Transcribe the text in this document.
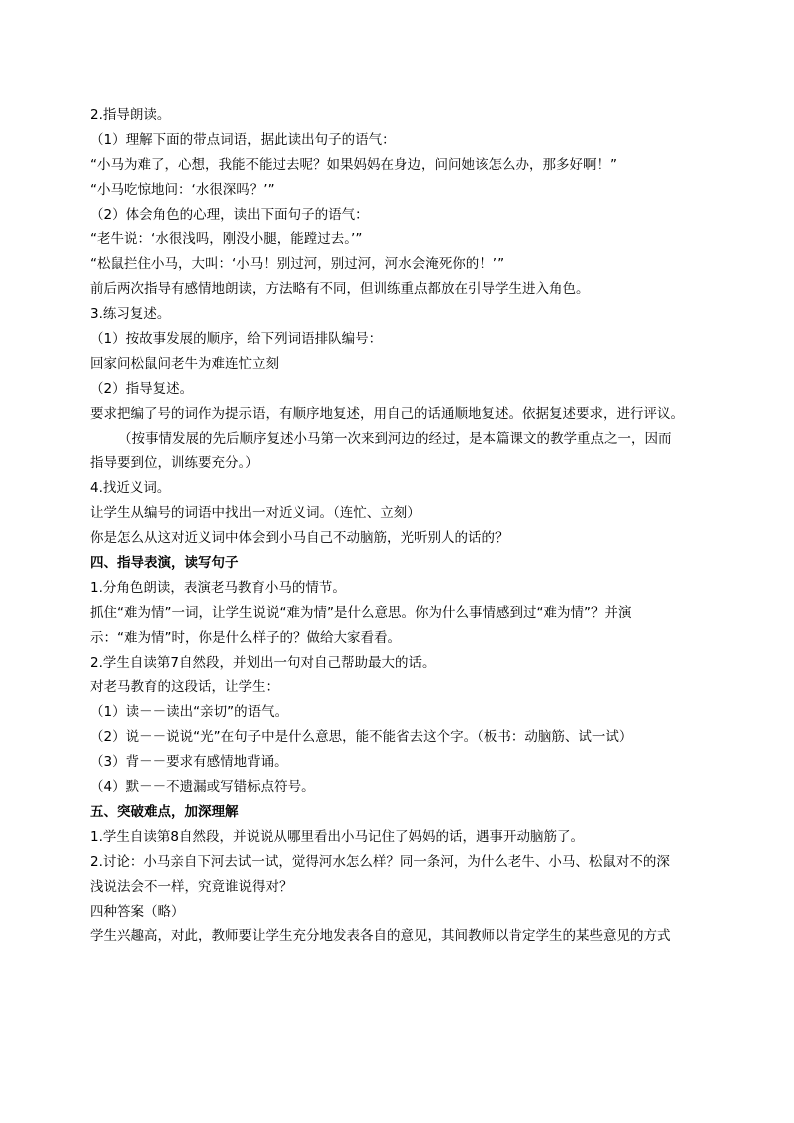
2.指导朗读。
（1）理解下面的带点词语，据此读出句子的语气：
“小马为难了，心想，我能不能过去呢？如果妈妈在身边，问问她该怎么办，那多好啊！”
“小马吃惊地问：‘水很深吗？’”
（2）体会角色的心理，读出下面句子的语气：
“老牛说：‘水很浅吗，刚没小腿，能蹚过去。’”
“松鼠拦住小马，大叫：‘小马！别过河，别过河，河水会淹死你的！’”
前后两次指导有感情地朗读，方法略有不同，但训练重点都放在引导学生进入角色。
3.练习复述。
（1）按故事发展的顺序，给下列词语排队编号：
回家问松鼠问老牛为难连忙立刻
（2）指导复述。
要求把编了号的词作为提示语，有顺序地复述，用自己的话通顺地复述。依据复述要求，进行评议。
（按事情发展的先后顺序复述小马第一次来到河边的经过，是本篇课文的教学重点之一，因而
指导要到位，训练要充分。）
4.找近义词。
让学生从编号的词语中找出一对近义词。（连忙、立刻）
你是怎么从这对近义词中体会到小马自己不动脑筋，光听别人的话的？
四、指导表演，读写句子
1.分角色朗读，表演老马教育小马的情节。
抓住“难为情”一词，让学生说说“难为情”是什么意思。你为什么事情感到过“难为情”？并演
示：“难为情”时，你是什么样子的？做给大家看看。
2.学生自读第7自然段，并划出一句对自己帮助最大的话。
对老马教育的这段话，让学生：
（1）读－－读出“亲切”的语气。
（2）说－－说说“光”在句子中是什么意思，能不能省去这个字。（板书：动脑筋、试一试）
（3）背－－要求有感情地背诵。
（4）默－－不遗漏或写错标点符号。
五、突破难点，加深理解
1.学生自读第8自然段，并说说从哪里看出小马记住了妈妈的话，遇事开动脑筋了。
2.讨论：小马亲自下河去试一试，觉得河水怎么样？同一条河，为什么老牛、小马、松鼠对不的深
浅说法会不一样，究竟谁说得对？
四种答案（略）
学生兴趣高，对此，教师要让学生充分地发表各自的意见，其间教师以肯定学生的某些意见的方式
